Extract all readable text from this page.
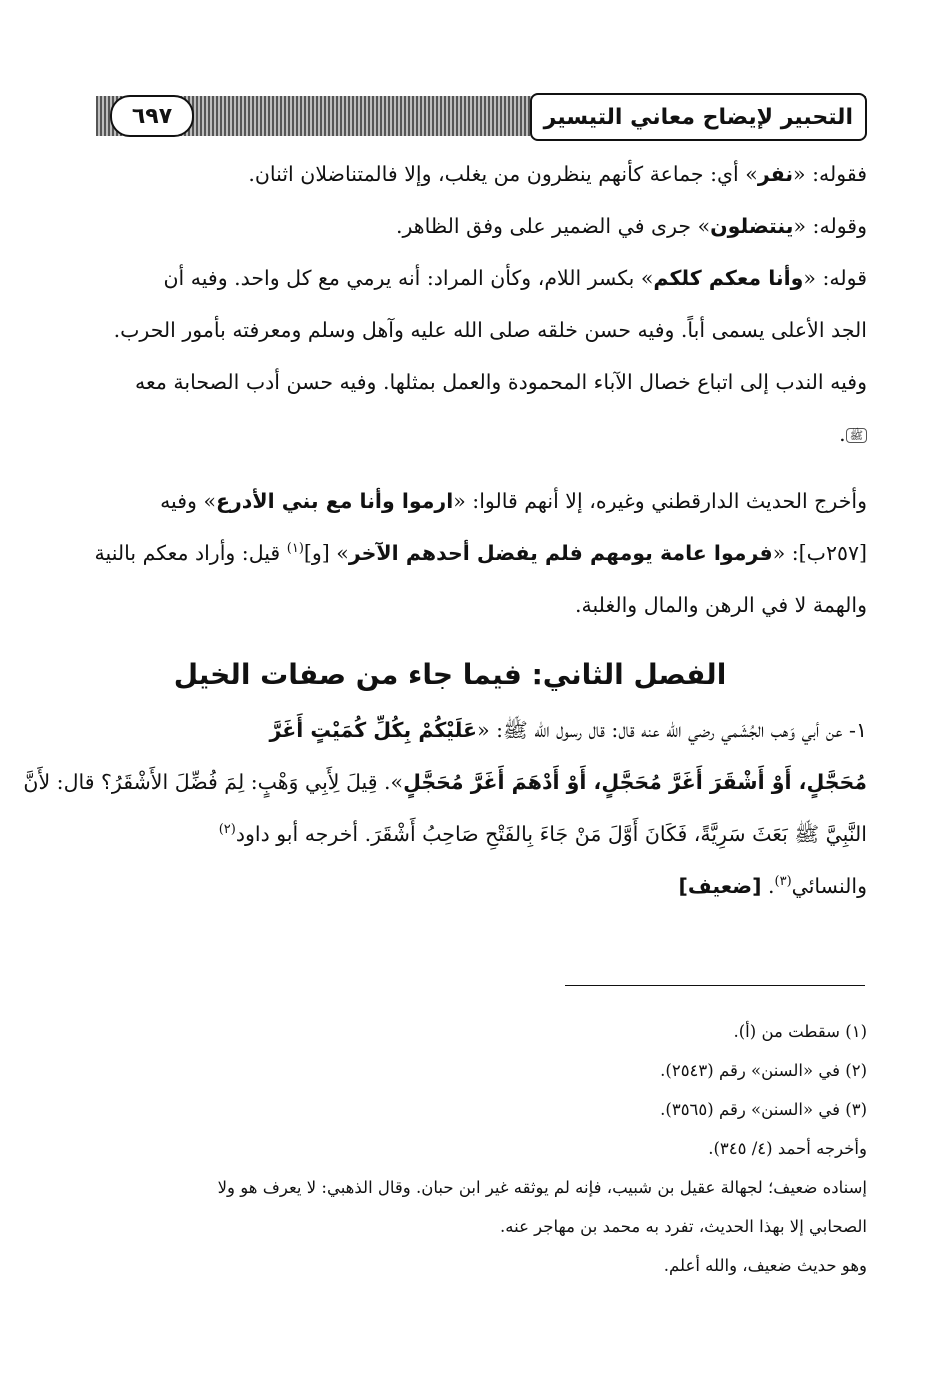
التحبير لإيضاح معاني التيسير
٦٩٧
فقوله: «نفر» أي: جماعة كأنهم ينظرون من يغلب، وإلا فالمتناضلان اثنان.
وقوله: «ينتضلون» جرى في الضمير على وفق الظاهر.
قوله: «وأنا معكم كلكم» بكسر اللام، وكأن المراد: أنه يرمي مع كل واحد. وفيه أن
الجد الأعلى يسمى أباً. وفيه حسن خلقه صلى الله عليه وآهل وسلم ومعرفته بأمور الحرب.
وفيه الندب إلى اتباع خصال الآباء المحمودة والعمل بمثلها. وفيه حسن أدب الصحابة معه
ﷺ.
وأخرج الحديث الدارقطني وغيره، إلا أنهم قالوا: «ارموا وأنا مع بني الأدرع» وفيه
[٢٥٧ب]: «فرموا عامة يومهم فلم يفضل أحدهم الآخر» [و]$^{(١)}$ قيل: وأراد معكم بالنية
والهمة لا في الرهن والمال والغلبة.
الفصل الثاني: فيما جاء من صفات الخيل
١- عن أبي وَهب الجُشَمي رضي الله عنه قال: قال رسول الله ﷺ: «عَلَيْكُمْ بِكُلِّ كُمَيْتٍ أَغَرَّ
مُحَجَّلٍ، أَوْ أَشْقَرَ أَغَرَّ مُحَجَّلٍ، أَوْ أَدْهَمَ أَغَرَّ مُحَجَّلٍ». قِيلَ لِأَبِي وَهْبٍ: لِمَ فُضِّلَ الأَشْقَرُ؟ قال: لأَنَّ
النَّبِيَّ ﷺ بَعَثَ سَرِيَّةً، فَكَانَ أَوَّلَ مَنْ جَاءَ بِالفَتْحِ صَاحِبُ أَشْقَرَ. أخرجه أبو داود$^{(٢)}$
والنسائي$^{(٣)}$. [ضعيف]
(١) سقطت من (أ).
(٢) في «السنن» رقم (٢٥٤٣).
(٣) في «السنن» رقم (٣٥٦٥).
وأخرجه أحمد (٤/ ٣٤٥).
إسناده ضعيف؛ لجهالة عقيل بن شبيب، فإنه لم يوثقه غير ابن حبان. وقال الذهبي: لا يعرف هو ولا
الصحابي إلا بهذا الحديث، تفرد به محمد بن مهاجر عنه.
وهو حديث ضعيف، والله أعلم.
